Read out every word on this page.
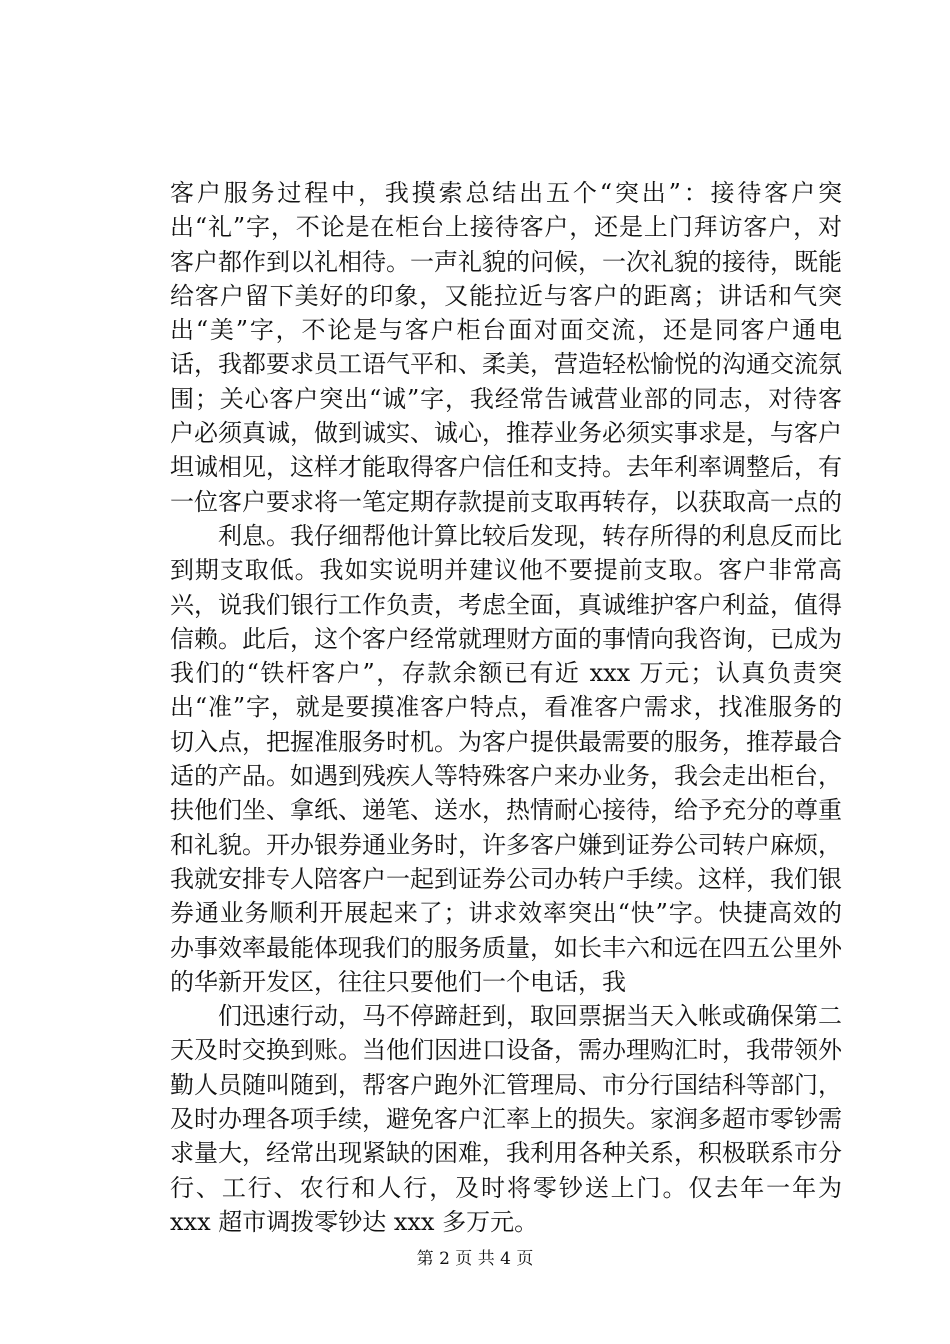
客户服务过程中，我摸索总结出五个“突出”：接待客户突出“礼”字，不论是在柜台上接待客户，还是上门拜访客户，对客户都作到以礼相待。一声礼貌的问候，一次礼貌的接待，既能给客户留下美好的印象，又能拉近与客户的距离；讲话和气突出“美”字，不论是与客户柜台面对面交流，还是同客户通电话，我都要求员工语气平和、柔美，营造轻松愉悦的沟通交流氛围；关心客户突出“诚”字，我经常告诫营业部的同志，对待客户必须真诚，做到诚实、诚心，推荐业务必须实事求是，与客户坦诚相见，这样才能取得客户信任和支持。去年利率调整后，有一位客户要求将一笔定期存款提前支取再转存，以获取高一点的

利息。我仔细帮他计算比较后发现，转存所得的利息反而比到期支取低。我如实说明并建议他不要提前支取。客户非常高兴，说我们银行工作负责，考虑全面，真诚维护客户利益，值得信赖。此后，这个客户经常就理财方面的事情向我咨询，已成为我们的“铁杆客户”，存款余额已有近 xxx 万元；认真负责突出“准”字，就是要摸准客户特点，看准客户需求，找准服务的切入点，把握准服务时机。为客户提供最需要的服务，推荐最合适的产品。如遇到残疾人等特殊客户来办业务，我会走出柜台，扶他们坐、拿纸、递笔、送水，热情耐心接待，给予充分的尊重和礼貌。开办银券通业务时，许多客户嫌到证券公司转户麻烦，我就安排专人陪客户一起到证券公司办转户手续。这样，我们银券通业务顺利开展起来了；讲求效率突出“快”字。快捷高效的办事效率最能体现我们的服务质量，如长丰六和远在四五公里外的华新开发区，往往只要他们一个电话，我

们迅速行动，马不停蹄赶到，取回票据当天入帐或确保第二天及时交换到账。当他们因进口设备，需办理购汇时，我带领外勤人员随叫随到，帮客户跑外汇管理局、市分行国结科等部门，及时办理各项手续，避免客户汇率上的损失。家润多超市零钞需求量大，经常出现紧缺的困难，我利用各种关系，积极联系市分行、工行、农行和人行，及时将零钞送上门。仅去年一年为 xxx 超市调拨零钞达 xxx 多万元。

第 2 页 共 4 页
